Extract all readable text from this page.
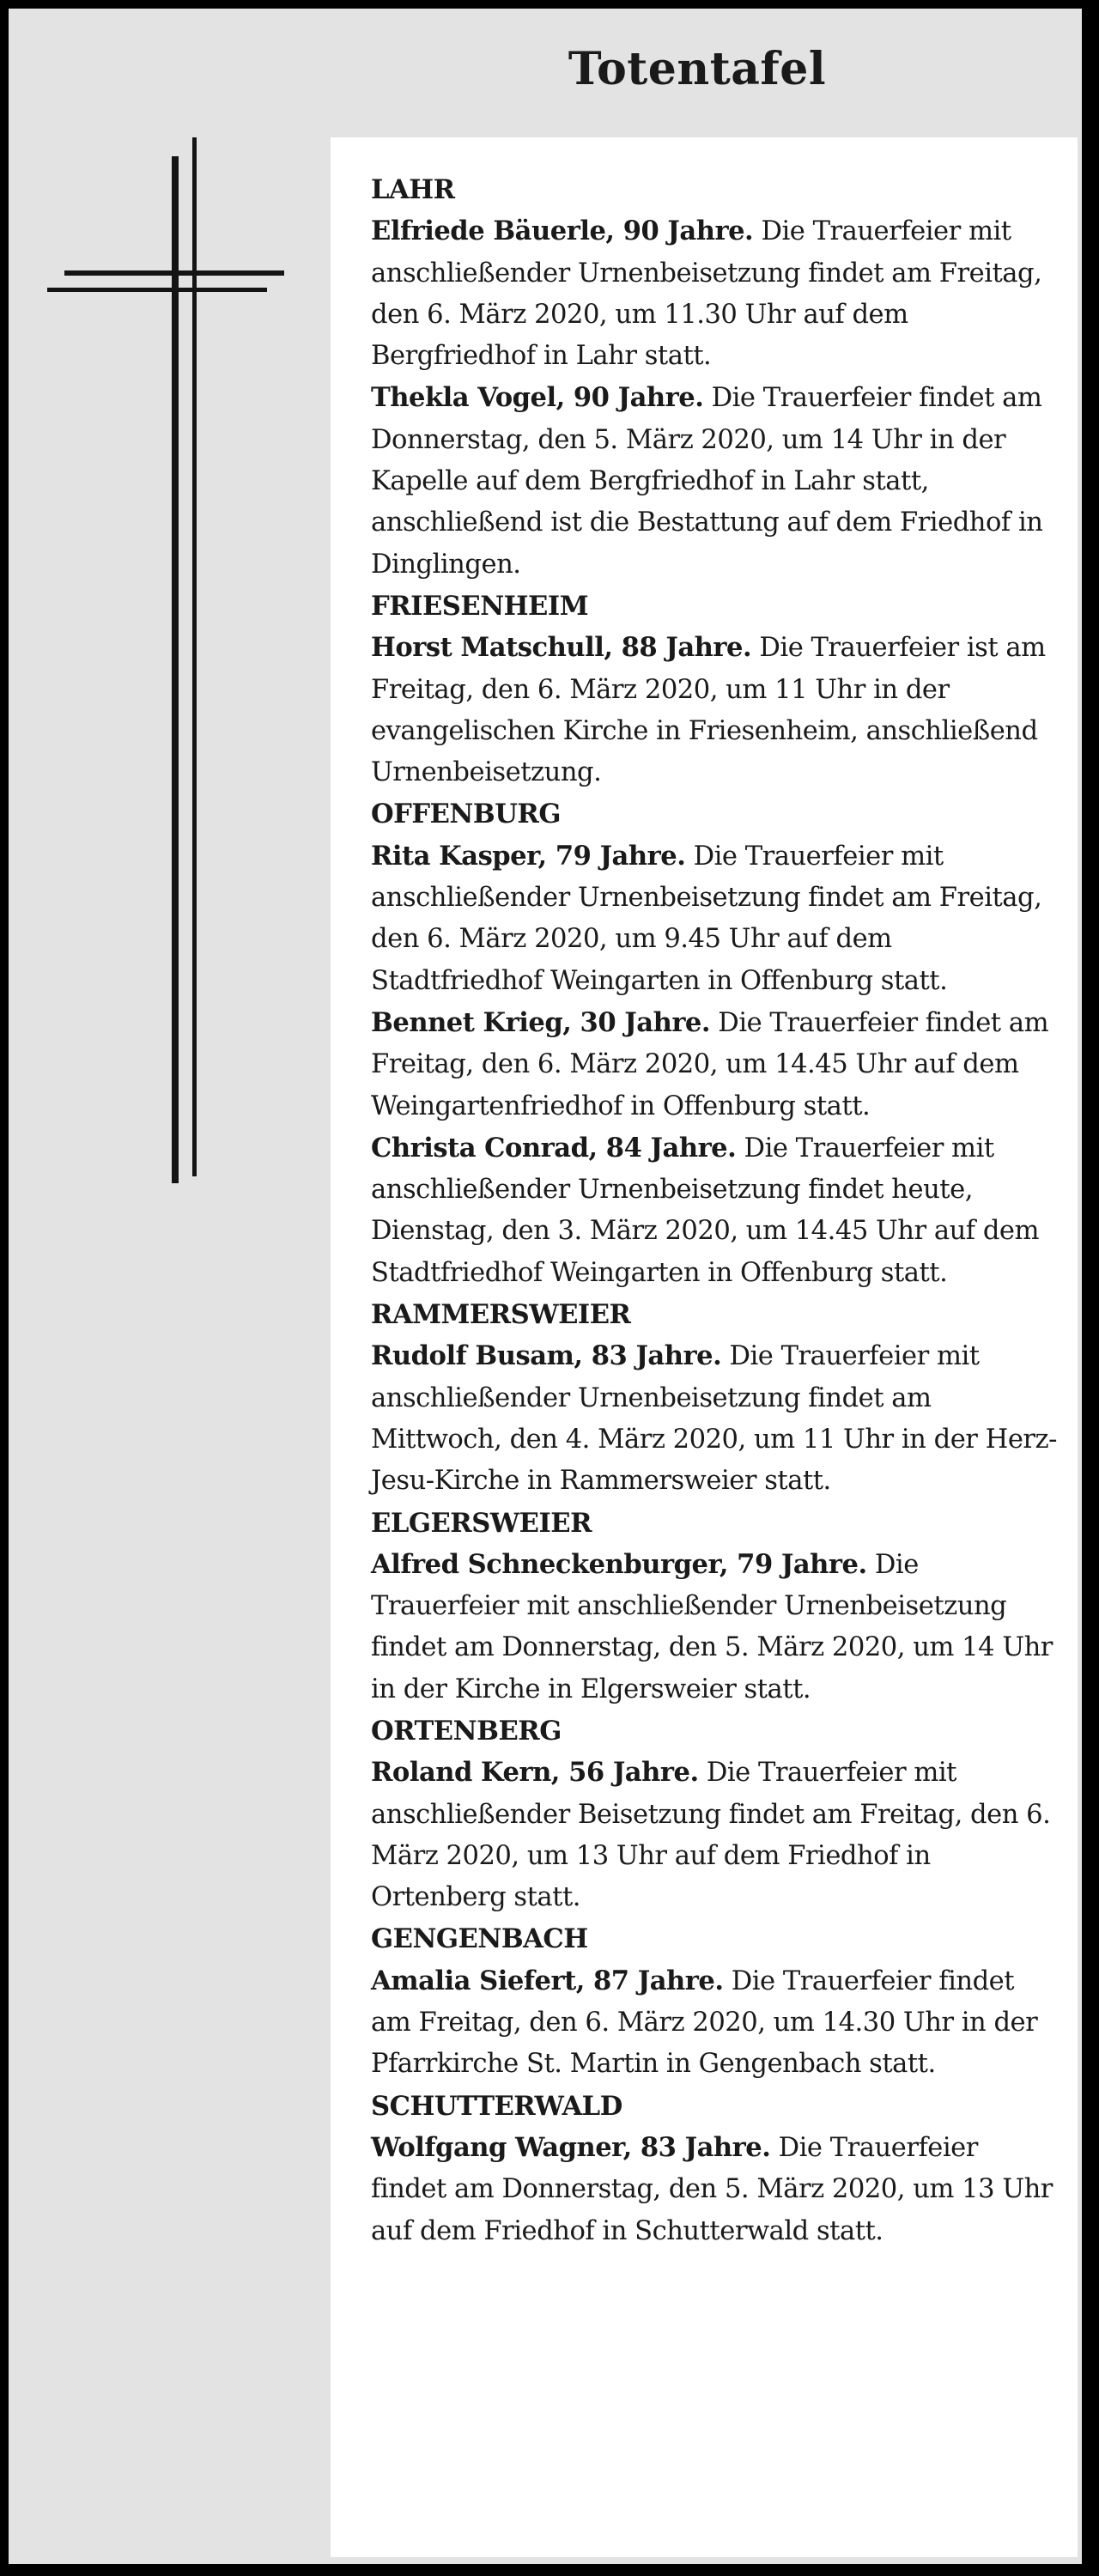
Totentafel
LAHR

Elfriede Bäuerle, 90 Jahre. Die Trauerfeier mit anschließender Urnenbeisetzung findet am Freitag, den 6. März 2020, um 11.30 Uhr auf dem Bergfriedhof in Lahr statt.

Thekla Vogel, 90 Jahre. Die Trauerfeier findet am Donnerstag, den 5. März 2020, um 14 Uhr in der Kapelle auf dem Bergfriedhof in Lahr statt, anschließend ist die Bestattung auf dem Friedhof in Dinglingen.

FRIESENHEIM

Horst Matschull, 88 Jahre. Die Trauerfeier ist am Freitag, den 6. März 2020, um 11 Uhr in der evangelischen Kirche in Friesenheim, anschließend Urnenbeisetzung.

OFFENBURG

Rita Kasper, 79 Jahre. Die Trauerfeier mit anschließender Urnenbeisetzung findet am Freitag, den 6. März 2020, um 9.45 Uhr auf dem Stadtfriedhof Weingarten in Offenburg statt.

Bennet Krieg, 30 Jahre. Die Trauerfeier findet am Freitag, den 6. März 2020, um 14.45 Uhr auf dem Weingartenfriedhof in Offenburg statt.

Christa Conrad, 84 Jahre. Die Trauerfeier mit anschließender Urnenbeisetzung findet heute, Dienstag, den 3. März 2020, um 14.45 Uhr auf dem Stadtfriedhof Weingarten in Offenburg statt.

RAMMERSWEIER

Rudolf Busam, 83 Jahre. Die Trauerfeier mit anschließender Urnenbeisetzung findet am Mittwoch, den 4. März 2020, um 11 Uhr in der Herz-Jesu-Kirche in Rammersweier statt.

ELGERSWEIER

Alfred Schneckenburger, 79 Jahre. Die Trauerfeier mit anschließender Urnenbeisetzung findet am Donnerstag, den 5. März 2020, um 14 Uhr in der Kirche in Elgersweier statt.

ORTENBERG

Roland Kern, 56 Jahre. Die Trauerfeier mit anschließender Beisetzung findet am Freitag, den 6. März 2020, um 13 Uhr auf dem Friedhof in Ortenberg statt.

GENGENBACH

Amalia Siefert, 87 Jahre. Die Trauerfeier findet am Freitag, den 6. März 2020, um 14.30 Uhr in der Pfarrkirche St. Martin in Gengenbach statt.

SCHUTTERWALD

Wolfgang Wagner, 83 Jahre. Die Trauerfeier findet am Donnerstag, den 5. März 2020, um 13 Uhr auf dem Friedhof in Schutterwald statt.
